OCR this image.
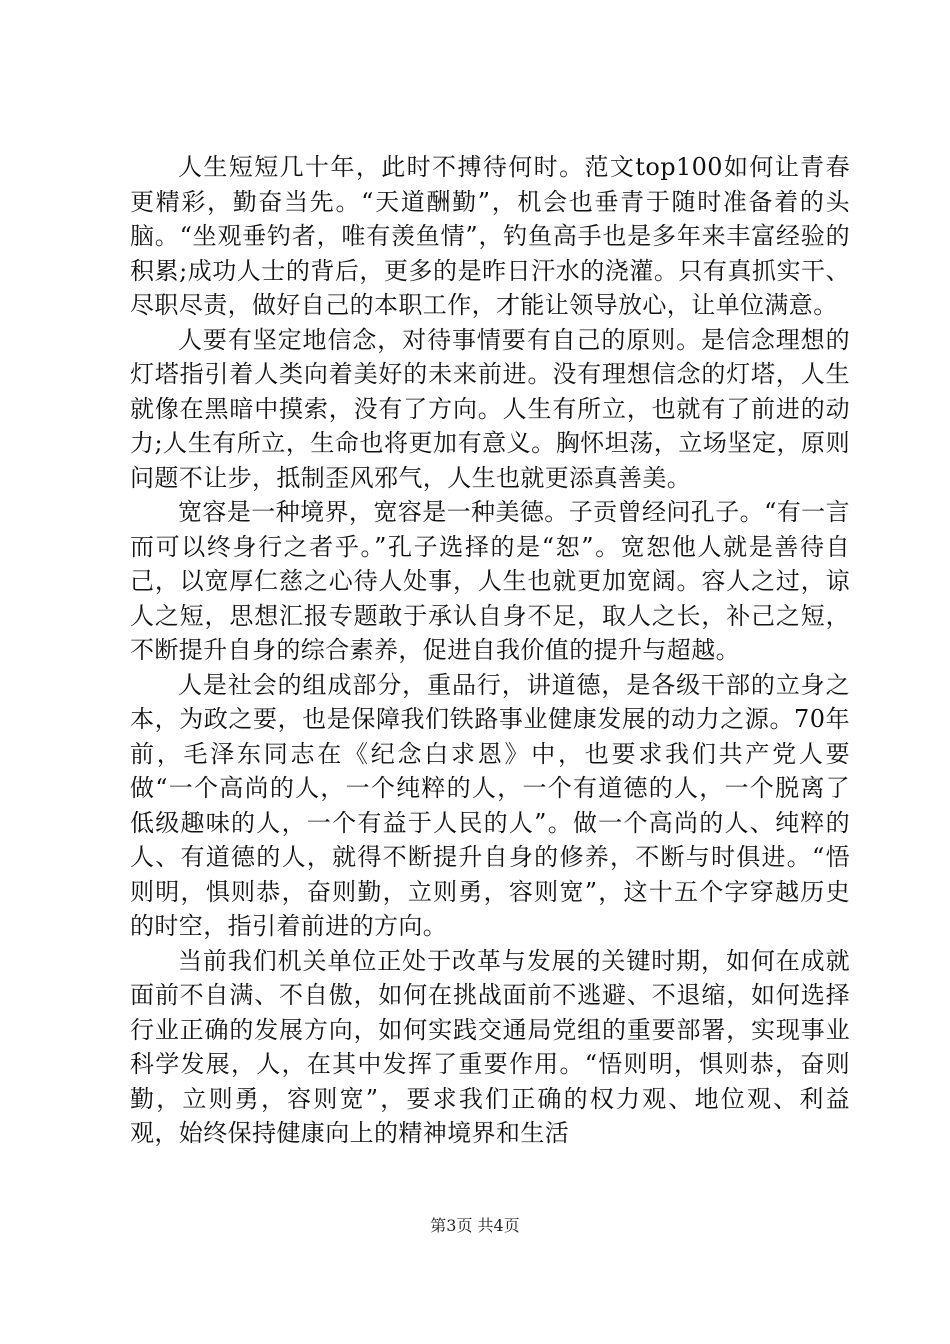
人生短短几十年，此时不搏待何时。范文top100如何让青春更精彩，勤奋当先。“天道酬勤”，机会也垂青于随时准备着的头脑。“坐观垂钓者，唯有羡鱼情”，钓鱼高手也是多年来丰富经验的积累;成功人士的背后，更多的是昨日汗水的浇灌。只有真抓实干、尽职尽责，做好自己的本职工作，才能让领导放心，让单位满意。

人要有坚定地信念，对待事情要有自己的原则。是信念理想的灯塔指引着人类向着美好的未来前进。没有理想信念的灯塔，人生就像在黑暗中摸索，没有了方向。人生有所立，也就有了前进的动力;人生有所立，生命也将更加有意义。胸怀坦荡，立场坚定，原则问题不让步，抵制歪风邪气，人生也就更添真善美。

宽容是一种境界，宽容是一种美德。子贡曾经问孔子。“有一言而可以终身行之者乎。”孔子选择的是“恕”。宽恕他人就是善待自己，以宽厚仁慈之心待人处事，人生也就更加宽阔。容人之过，谅人之短，思想汇报专题敢于承认自身不足，取人之长，补己之短，不断提升自身的综合素养，促进自我价值的提升与超越。

人是社会的组成部分，重品行，讲道德，是各级干部的立身之本，为政之要，也是保障我们铁路事业健康发展的动力之源。70年前，毛泽东同志在《纪念白求恩》中，也要求我们共产党人要做“一个高尚的人，一个纯粹的人，一个有道德的人，一个脱离了低级趣味的人，一个有益于人民的人”。做一个高尚的人、纯粹的人、有道德的人，就得不断提升自身的修养，不断与时俱进。“悟则明，惧则恭，奋则勤，立则勇，容则宽”，这十五个字穿越历史的时空，指引着前进的方向。

当前我们机关单位正处于改革与发展的关键时期，如何在成就面前不自满、不自傲，如何在挑战面前不逃避、不退缩，如何选择行业正确的发展方向，如何实践交通局党组的重要部署，实现事业科学发展，人，在其中发挥了重要作用。“悟则明，惧则恭，奋则勤，立则勇，容则宽”，要求我们正确的权力观、地位观、利益观，始终保持健康向上的精神境界和生活

第3页 共4页
